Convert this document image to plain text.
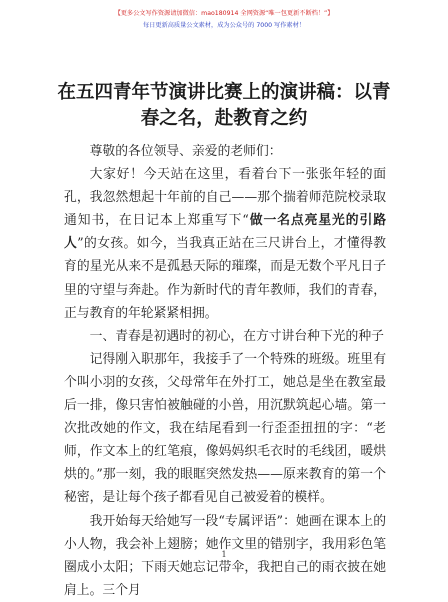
【更多公文写作资源请加微信：mao180914 全网资源“唯一包更新不断档！”】
每日更新高质量公文素材，成为公众号的 7000 写作素材！
在五四青年节演讲比赛上的演讲稿：以青春之名，赴教育之约

尊敬的各位领导、亲爱的老师们：

大家好！今天站在这里，看着台下一张张年轻的面孔，我忽然想起十年前的自己——那个揣着师范院校录取通知书，在日记本上郑重写下“做一名点亮星光的引路人”的女孩。如今，当我真正站在三尺讲台上，才懂得教育的星光从来不是孤悬天际的璀璨，而是无数个平凡日子里的守望与奔赴。作为新时代的青年教师，我们的青春，正与教育的年轮紧紧相拥。

一、青春是初遇时的初心，在方寸讲台种下光的种子

记得刚入职那年，我接手了一个特殊的班级。班里有个叫小羽的女孩，父母常年在外打工，她总是坐在教室最后一排，像只害怕被触碰的小兽，用沉默筑起心墙。第一次批改她的作文，我在结尾看到一行歪歪扭扭的字：“老师，作文本上的红笔痕，像妈妈织毛衣时的毛线团，暖烘烘的。”那一刻，我的眼眶突然发热——原来教育的第一个秘密，是让每个孩子都看见自己被爱着的模样。

我开始每天给她写一段“专属评语”：她画在课本上的小人物，我会补上翅膀；她作文里的错别字，我用彩色笔圈成小太阳；下雨天她忘记带伞，我把自己的雨衣披在她肩上。三个月

1
